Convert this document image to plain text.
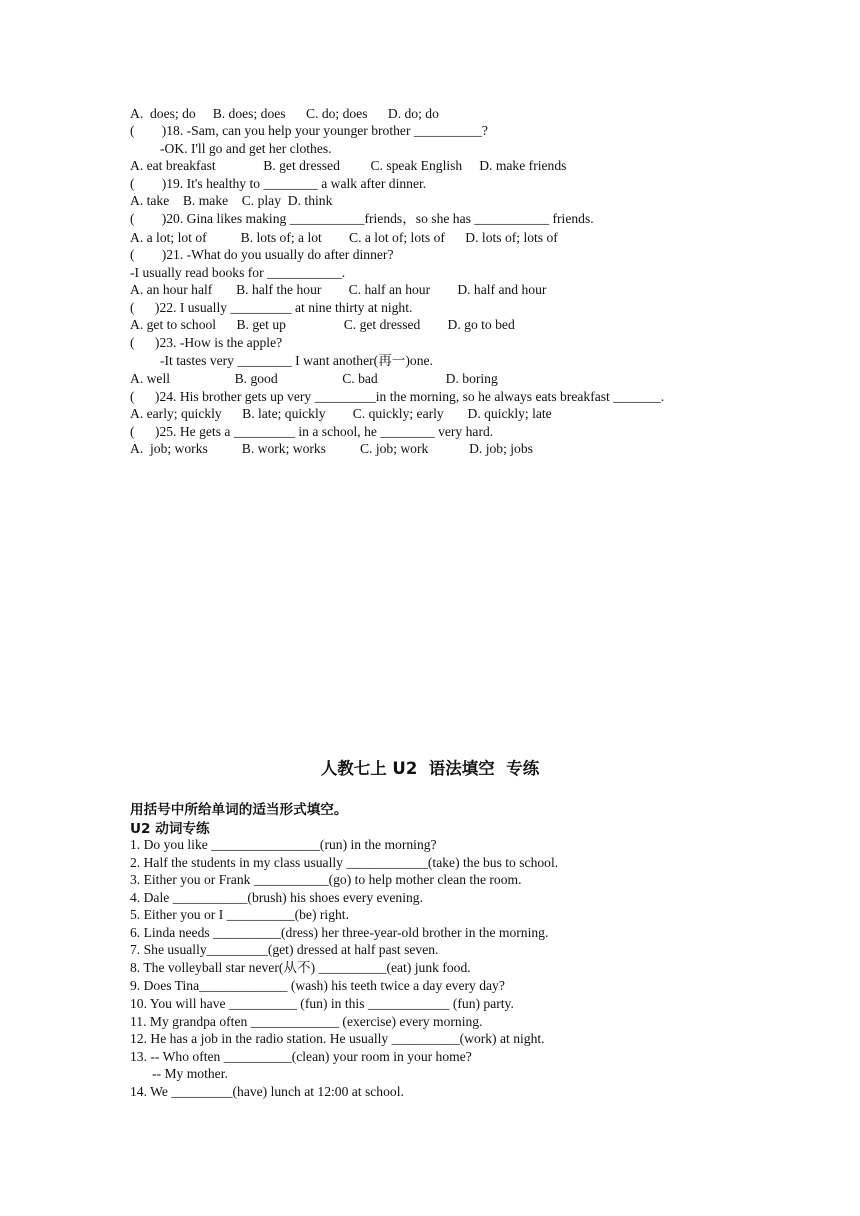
A.  does; do     B. does; does      C. do; does      D. do; do
(        )18. -Sam, can you help your younger brother __________?
-OK. I'll go and get her clothes.
A. eat breakfast              B. get dressed         C. speak English     D. make friends
(        )19. It's healthy to ________ a walk after dinner.
A. take    B. make    C. play  D. think
(        )20. Gina likes making ___________friends，so she has ___________ friends.
A. a lot; lot of          B. lots of; a lot        C. a lot of; lots of      D. lots of; lots of
(        )21. -What do you usually do after dinner?
-I usually read books for ___________.
A. an hour half       B. half the hour        C. half an hour        D. half and hour
(      )22. I usually _________ at nine thirty at night.
A. get to school      B. get up                 C. get dressed        D. go to bed
(      )23. -How is the apple?
-It tastes very ________ I want another(再一)one.
A. well                   B. good                   C. bad                    D. boring
(      )24. His brother gets up very _________in the morning, so he always eats breakfast _______.
A. early; quickly      B. late; quickly        C. quickly; early       D. quickly; late
(      )25. He gets a _________ in a school, he ________ very hard.
A.  job; works          B. work; works          C. job; work            D. job; jobs
人教七上 U2  语法填空  专练
用括号中所给单词的适当形式填空。
U2 动词专练
1. Do you like ________________(run) in the morning?
2. Half the students in my class usually ____________(take) the bus to school.
3. Either you or Frank ___________(go) to help mother clean the room.
4. Dale ___________(brush) his shoes every evening.
5. Either you or I __________(be) right.
6. Linda needs __________(dress) her three-year-old brother in the morning.
7. She usually_________(get) dressed at half past seven.
8. The volleyball star never(从不) __________(eat) junk food.
9. Does Tina_____________ (wash) his teeth twice a day every day?
10. You will have __________ (fun) in this ____________ (fun) party.
11. My grandpa often _____________ (exercise) every morning.
12. He has a job in the radio station. He usually __________(work) at night.
13. -- Who often __________(clean) your room in your home?
-- My mother.
14. We _________(have) lunch at 12:00 at school.
